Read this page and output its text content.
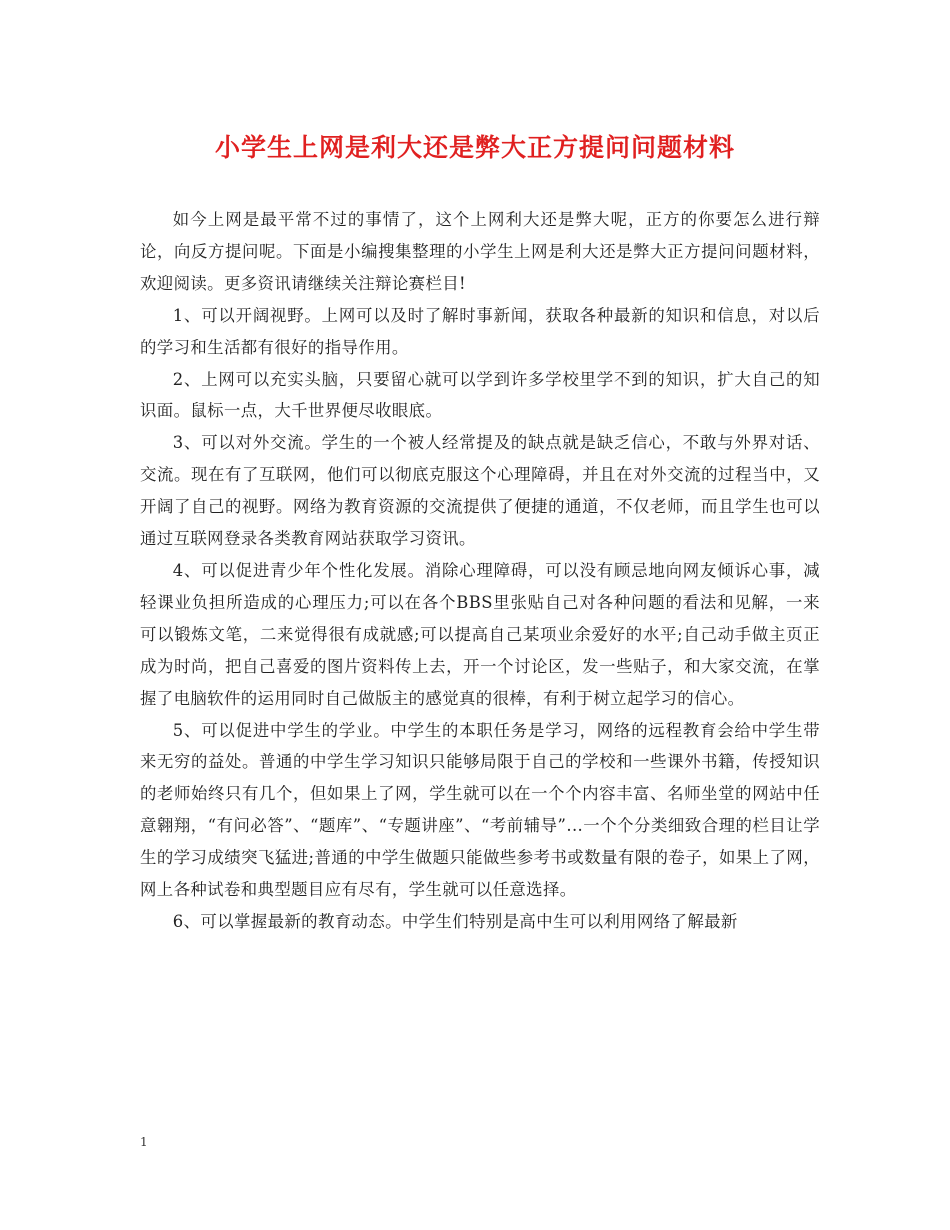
小学生上网是利大还是弊大正方提问问题材料

如今上网是最平常不过的事情了，这个上网利大还是弊大呢，正方的你要怎么进行辩论，向反方提问呢。下面是小编搜集整理的小学生上网是利大还是弊大正方提问问题材料，欢迎阅读。更多资讯请继续关注辩论赛栏目!

1、可以开阔视野。上网可以及时了解时事新闻，获取各种最新的知识和信息，对以后的学习和生活都有很好的指导作用。

2、上网可以充实头脑，只要留心就可以学到许多学校里学不到的知识，扩大自己的知识面。鼠标一点，大千世界便尽收眼底。

3、可以对外交流。学生的一个被人经常提及的缺点就是缺乏信心，不敢与外界对话、交流。现在有了互联网，他们可以彻底克服这个心理障碍，并且在对外交流的过程当中，又开阔了自己的视野。网络为教育资源的交流提供了便捷的通道，不仅老师，而且学生也可以通过互联网登录各类教育网站获取学习资讯。

4、可以促进青少年个性化发展。消除心理障碍，可以没有顾忌地向网友倾诉心事，减轻课业负担所造成的心理压力;可以在各个BBS里张贴自己对各种问题的看法和见解，一来可以锻炼文笔，二来觉得很有成就感;可以提高自己某项业余爱好的水平;自己动手做主页正成为时尚，把自己喜爱的图片资料传上去，开一个讨论区，发一些贴子，和大家交流，在掌握了电脑软件的运用同时自己做版主的感觉真的很棒，有利于树立起学习的信心。

5、可以促进中学生的学业。中学生的本职任务是学习，网络的远程教育会给中学生带来无穷的益处。普通的中学生学习知识只能够局限于自己的学校和一些课外书籍，传授知识的老师始终只有几个，但如果上了网，学生就可以在一个个内容丰富、名师坐堂的网站中任意翱翔，“有问必答”、“题库”、“专题讲座”、“考前辅导”...一个个分类细致合理的栏目让学生的学习成绩突飞猛进;普通的中学生做题只能做些参考书或数量有限的卷子，如果上了网，网上各种试卷和典型题目应有尽有，学生就可以任意选择。

6、可以掌握最新的教育动态。中学生们特别是高中生可以利用网络了解最新

1
